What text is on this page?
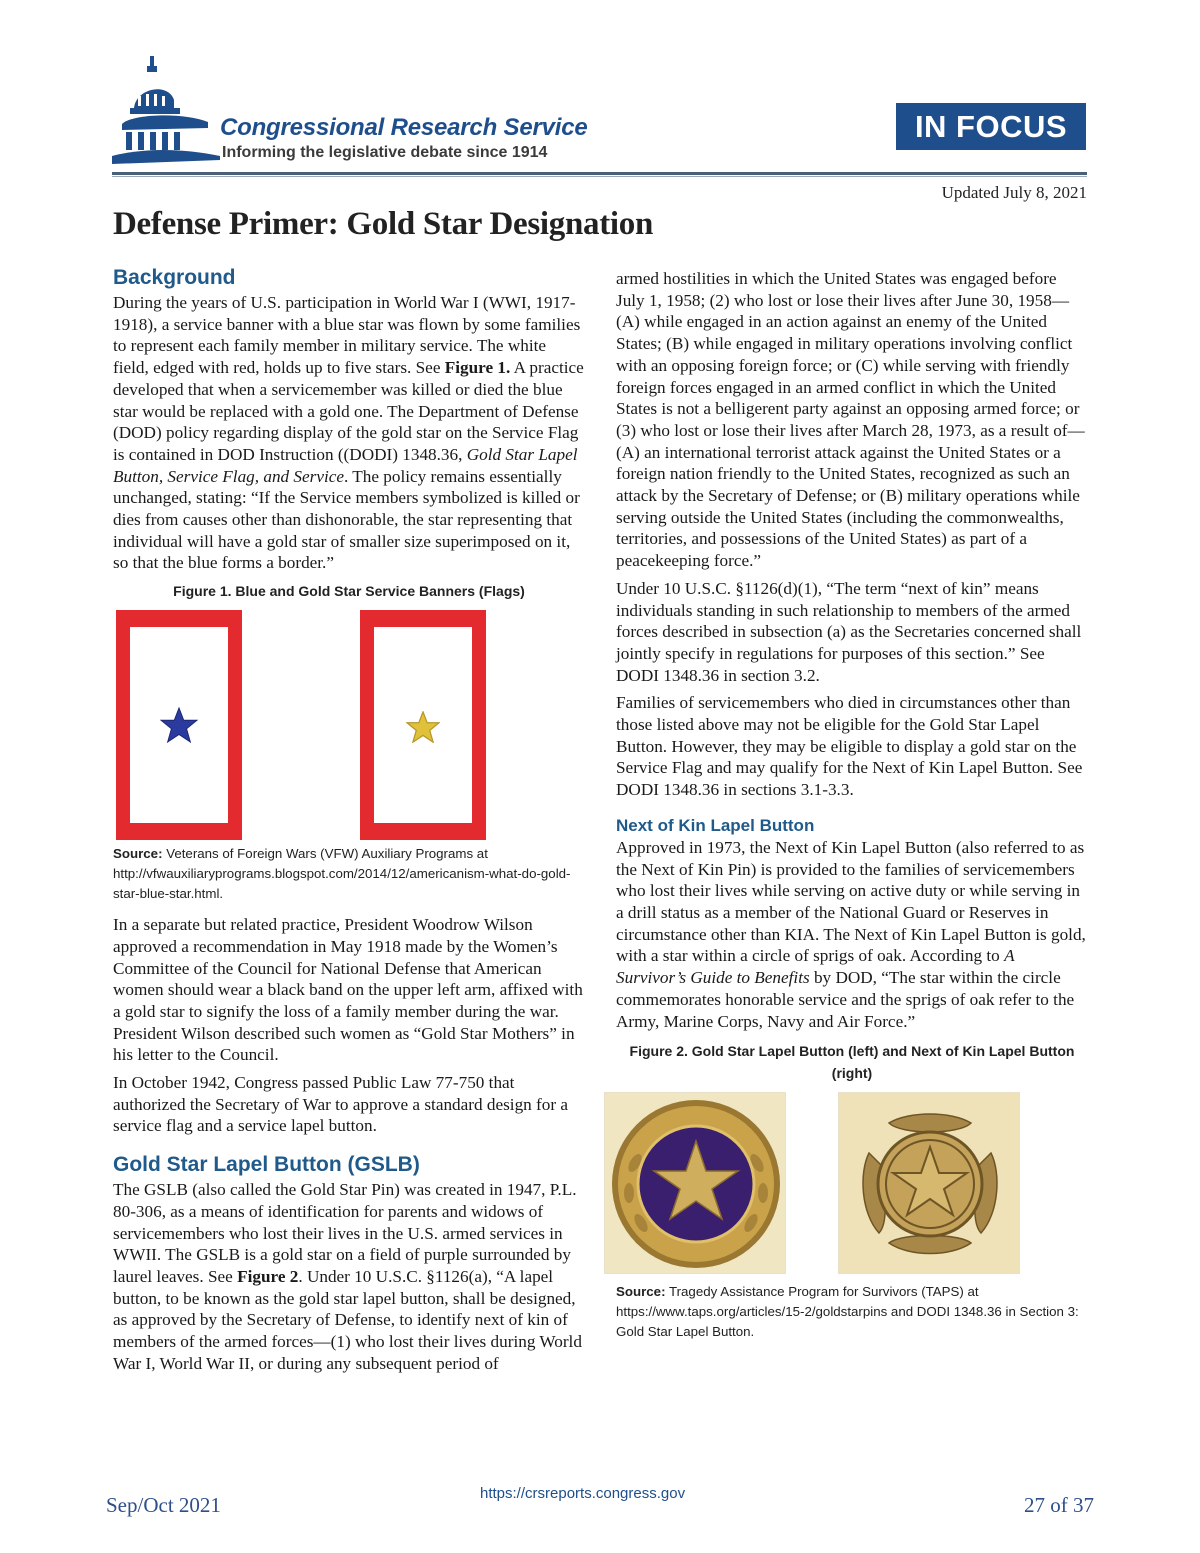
Congressional Research Service
Informing the legislative debate since 1914
IN FOCUS
Updated July 8, 2021
Defense Primer: Gold Star Designation
Background

During the years of U.S. participation in World War I (WWI, 1917-1918), a service banner with a blue star was flown by some families to represent each family member in military service. The white field, edged with red, holds up to five stars. See Figure 1. A practice developed that when a servicemember was killed or died the blue star would be replaced with a gold one. The Department of Defense (DOD) policy regarding display of the gold star on the Service Flag is contained in DOD Instruction ((DODI) 1348.36, Gold Star Lapel Button, Service Flag, and Service. The policy remains essentially unchanged, stating: “If the Service members symbolized is killed or dies from causes other than dishonorable, the star representing that individual will have a gold star of smaller size superimposed on it, so that the blue forms a border.”

Figure 1. Blue and Gold Star Service Banners (Flags)

Source: Veterans of Foreign Wars (VFW) Auxiliary Programs at http://vfwauxiliaryprograms.blogspot.com/2014/12/americanism-what-do-gold-star-blue-star.html.

In a separate but related practice, President Woodrow Wilson approved a recommendation in May 1918 made by the Women’s Committee of the Council for National Defense that American women should wear a black band on the upper left arm, affixed with a gold star to signify the loss of a family member during the war. President Wilson described such women as “Gold Star Mothers” in his letter to the Council.

In October 1942, Congress passed Public Law 77-750 that authorized the Secretary of War to approve a standard design for a service flag and a service lapel button.

Gold Star Lapel Button (GSLB)

The GSLB (also called the Gold Star Pin) was created in 1947, P.L. 80-306, as a means of identification for parents and widows of servicemembers who lost their lives in the U.S. armed services in WWII. The GSLB is a gold star on a field of purple surrounded by laurel leaves. See Figure 2. Under 10 U.S.C. §1126(a), “A lapel button, to be known as the gold star lapel button, shall be designed, as approved by the Secretary of Defense, to identify next of kin of members of the armed forces—(1) who lost their lives during World War I, World War II, or during any subsequent period of

armed hostilities in which the United States was engaged before July 1, 1958; (2) who lost or lose their lives after June 30, 1958—(A) while engaged in an action against an enemy of the United States; (B) while engaged in military operations involving conflict with an opposing foreign force; or (C) while serving with friendly foreign forces engaged in an armed conflict in which the United States is not a belligerent party against an opposing armed force; or (3) who lost or lose their lives after March 28, 1973, as a result of—(A) an international terrorist attack against the United States or a foreign nation friendly to the United States, recognized as such an attack by the Secretary of Defense; or (B) military operations while serving outside the United States (including the commonwealths, territories, and possessions of the United States) as part of a peacekeeping force.”

Under 10 U.S.C. §1126(d)(1), “The term “next of kin” means individuals standing in such relationship to members of the armed forces described in subsection (a) as the Secretaries concerned shall jointly specify in regulations for purposes of this section.” See DODI 1348.36 in section 3.2.

Families of servicemembers who died in circumstances other than those listed above may not be eligible for the Gold Star Lapel Button. However, they may be eligible to display a gold star on the Service Flag and may qualify for the Next of Kin Lapel Button. See DODI 1348.36 in sections 3.1-3.3.

Next of Kin Lapel Button

Approved in 1973, the Next of Kin Lapel Button (also referred to as the Next of Kin Pin) is provided to the families of servicemembers who lost their lives while serving on active duty or while serving in a drill status as a member of the National Guard or Reserves in circumstance other than KIA. The Next of Kin Lapel Button is gold, with a star within a circle of sprigs of oak. According to A Survivor’s Guide to Benefits by DOD, “The star within the circle commemorates honorable service and the sprigs of oak refer to the Army, Marine Corps, Navy and Air Force.”

Figure 2. Gold Star Lapel Button (left) and Next of Kin Lapel Button (right)

Source: Tragedy Assistance Program for Survivors (TAPS) at https://www.taps.org/articles/15-2/goldstarpins and DODI 1348.36 in Section 3: Gold Star Lapel Button.

Sep/Oct 2021	https://crsreports.congress.gov	27 of 37
